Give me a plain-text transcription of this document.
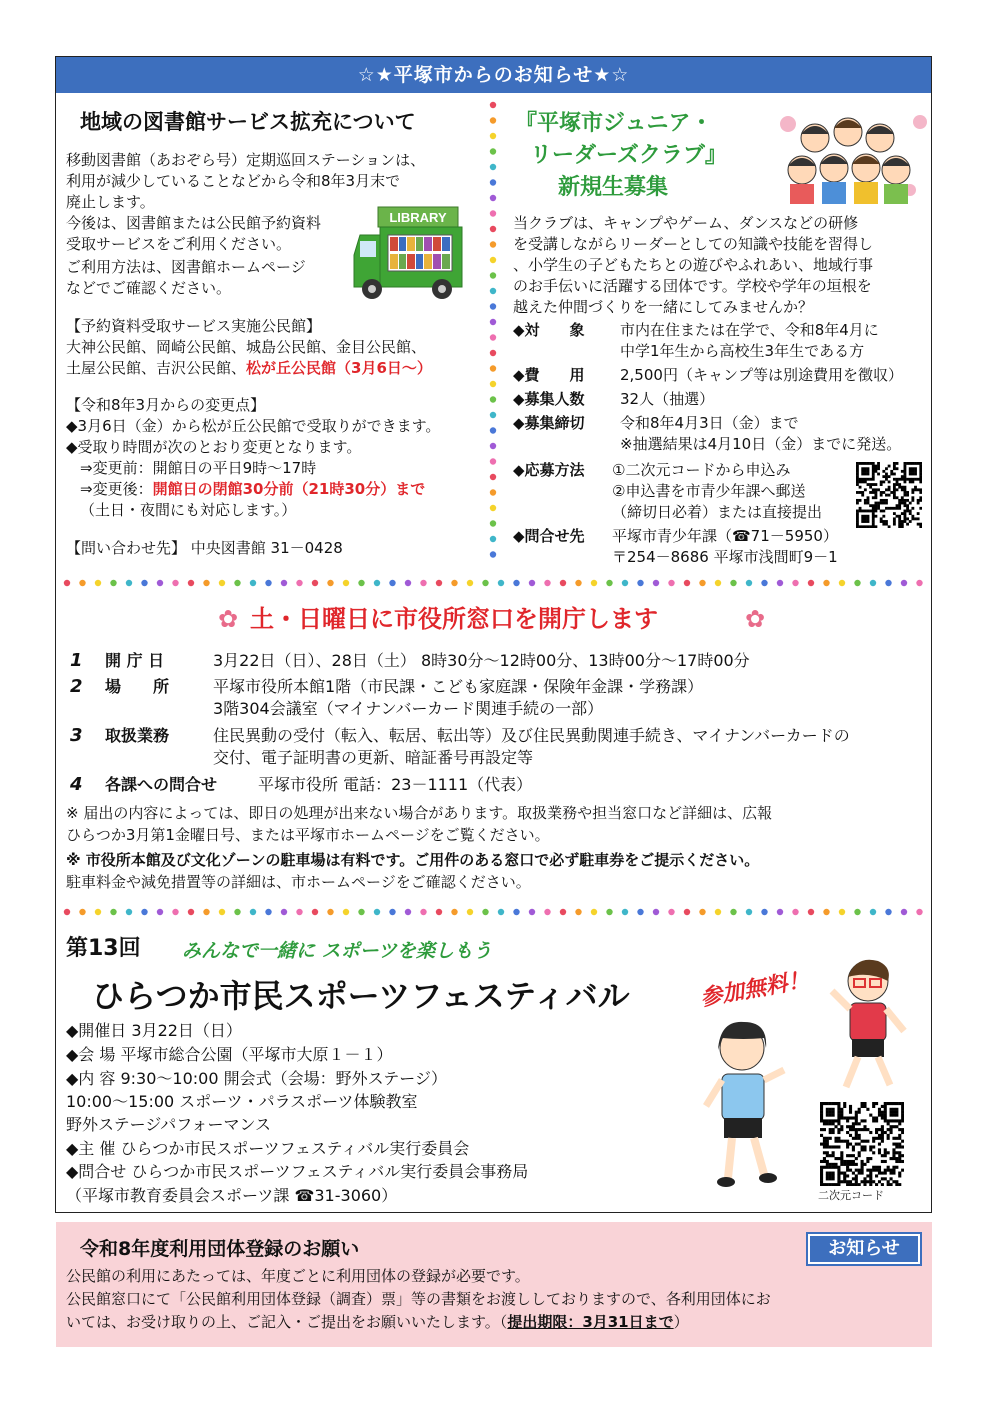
☆★平塚市からのお知らせ★☆
地域の図書館サービス拡充について
移動図書館（あおぞら号）定期巡回ステーションは、
利用が減少していることなどから令和8年3月末で
廃止します。
今後は、図書館または公民館予約資料
受取サービスをご利用ください。
ご利用方法は、図書館ホームページ
などでご確認ください。
LIBRARY
【予約資料受取サービス実施公民館】
大神公民館、岡崎公民館、城島公民館、金目公民館、
土屋公民館、吉沢公民館、松が丘公民館（3月6日～）
【令和8年3月からの変更点】
◆3月6日（金）から松が丘公民館で受取りができます。
◆受取り時間が次のとおり変更となります。
⇒変更前：開館日の平日9時～17時
⇒変更後：開館日の閉館30分前（21時30分）まで
（土日・夜間にも対応します。）
【問い合わせ先】 中央図書館 31－0428
『平塚市ジュニア・
リーダーズクラブ』
新規生募集
当クラブは、キャンプやゲーム、ダンスなどの研修
を受講しながらリーダーとしての知識や技能を習得し
、小学生の子どもたちとの遊びやふれあい、地域行事
のお手伝いに活躍する団体です。学校や学年の垣根を
越えた仲間づくりを一緒にしてみませんか？
◆対　　象 市内在住または在学で、令和8年4月に
中学1年生から高校生3年生である方
◆費　　用 2,500円（キャンプ等は別途費用を徴収）
◆募集人数 32人（抽選）
◆募集締切 令和8年4月3日（金）まで
※抽選結果は4月10日（金）までに発送。
◆応募方法 ①二次元コードから申込み
②申込書を市青少年課へ郵送
（締切日必着）または直接提出
◆問合せ先 平塚市青少年課（☎71－5950）
〒254－8686 平塚市浅間町9－1
✿ 土・日曜日に市役所窓口を開庁します	✿
1 開 庁 日	3月22日（日）、28日（土） 8時30分～12時00分、13時00分～17時00分
2 場　　所	平塚市役所本館1階（市民課・こども家庭課・保険年金課・学務課）
3階304会議室（マイナンバーカード関連手続の一部）
3 取扱業務	住民異動の受付（転入、転居、転出等）及び住民異動関連手続き、マイナンバーカードの
交付、電子証明書の更新、暗証番号再設定等
4 各課への問合せ	平塚市役所 電話：23－1111（代表）
※ 届出の内容によっては、即日の処理が出来ない場合があります。取扱業務や担当窓口など詳細は、広報
ひらつか3月第1金曜日号、または平塚市ホームページをご覧ください。
※ 市役所本館及び文化ゾーンの駐車場は有料です。ご用件のある窓口で必ず駐車券をご提示ください。
駐車料金や減免措置等の詳細は、市ホームページをご確認ください。
第13回 みんなで一緒に スポーツを楽しもう
ひらつか市民スポーツフェスティバル	参加無料！
◆開催日 3月22日（日）
◆会 場 平塚市総合公園（平塚市大原１－１）
◆内 容 9:30～10:00 開会式（会場：野外ステージ）
10:00～15:00 スポーツ・パラスポーツ体験教室
野外ステージパフォーマンス
◆主 催 ひらつか市民スポーツフェスティバル実行委員会
◆問合せ ひらつか市民スポーツフェスティバル実行委員会事務局
（平塚市教育委員会スポーツ課 ☎31-3060）	二次元コード
令和8年度利用団体登録のお願い	お知らせ
公民館の利用にあたっては、年度ごとに利用団体の登録が必要です。
公民館窓口にて「公民館利用団体登録（調査）票」等の書類をお渡ししておりますので、各利用団体にお
いては、お受け取りの上、ご記入・ご提出をお願いいたします。（提出期限：3月31日まで）
